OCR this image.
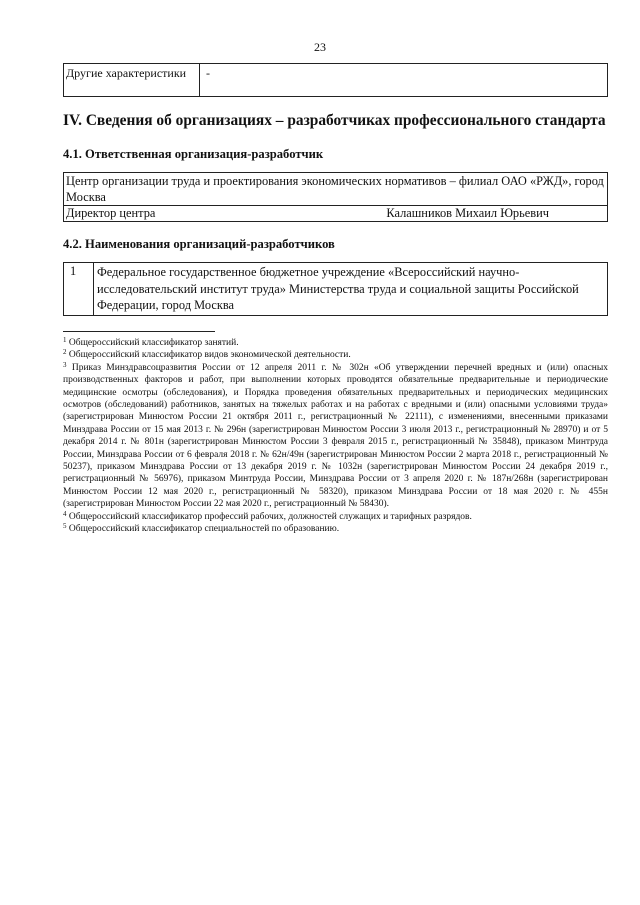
23
Другие характеристики	-
IV. Сведения об организациях – разработчиках профессионального стандарта
4.1. Ответственная организация-разработчик
Центр организации труда и проектирования экономических нормативов – филиал ОАО «РЖД», город Москва
Директор центра	Калашников Михаил Юрьевич
4.2. Наименования организаций-разработчиков
1	Федеральное государственное бюджетное учреждение «Всероссийский научно-исследовательский институт труда» Министерства труда и социальной защиты Российской Федерации, город Москва

$^1$ Общероссийский классификатор занятий.

$^2$ Общероссийский классификатор видов экономической деятельности.

$^3$ Приказ Минздравсоцразвития России от 12 апреля 2011 г. № 302н «Об утверждении перечней вредных и (или) опасных производственных факторов и работ, при выполнении которых проводятся обязательные предварительные и периодические медицинские осмотры (обследования), и Порядка проведения обязательных предварительных и периодических медицинских осмотров (обследований) работников, занятых на тяжелых работах и на работах с вредными и (или) опасными условиями труда» (зарегистрирован Минюстом России 21 октября 2011 г., регистрационный № 22111), с изменениями, внесенными приказами Минздрава России от 15 мая 2013 г. № 296н (зарегистрирован Минюстом России 3 июля 2013 г., регистрационный № 28970) и от 5 декабря 2014 г. № 801н (зарегистрирован Минюстом России 3 февраля 2015 г., регистрационный № 35848), приказом Минтруда России, Минздрава России от 6 февраля 2018 г. № 62н/49н (зарегистрирован Минюстом России 2 марта 2018 г., регистрационный № 50237), приказом Минздрава России от 13 декабря 2019 г. № 1032н (зарегистрирован Минюстом России 24 декабря 2019 г., регистрационный № 56976), приказом Минтруда России, Минздрава России от 3 апреля 2020 г. № 187н/268н (зарегистрирован Минюстом России 12 мая 2020 г., регистрационный № 58320), приказом Минздрава России от 18 мая 2020 г. № 455н (зарегистрирован Минюстом России 22 мая 2020 г., регистрационный № 58430).

$^4$ Общероссийский классификатор профессий рабочих, должностей служащих и тарифных разрядов.

$^5$ Общероссийский классификатор специальностей по образованию.
